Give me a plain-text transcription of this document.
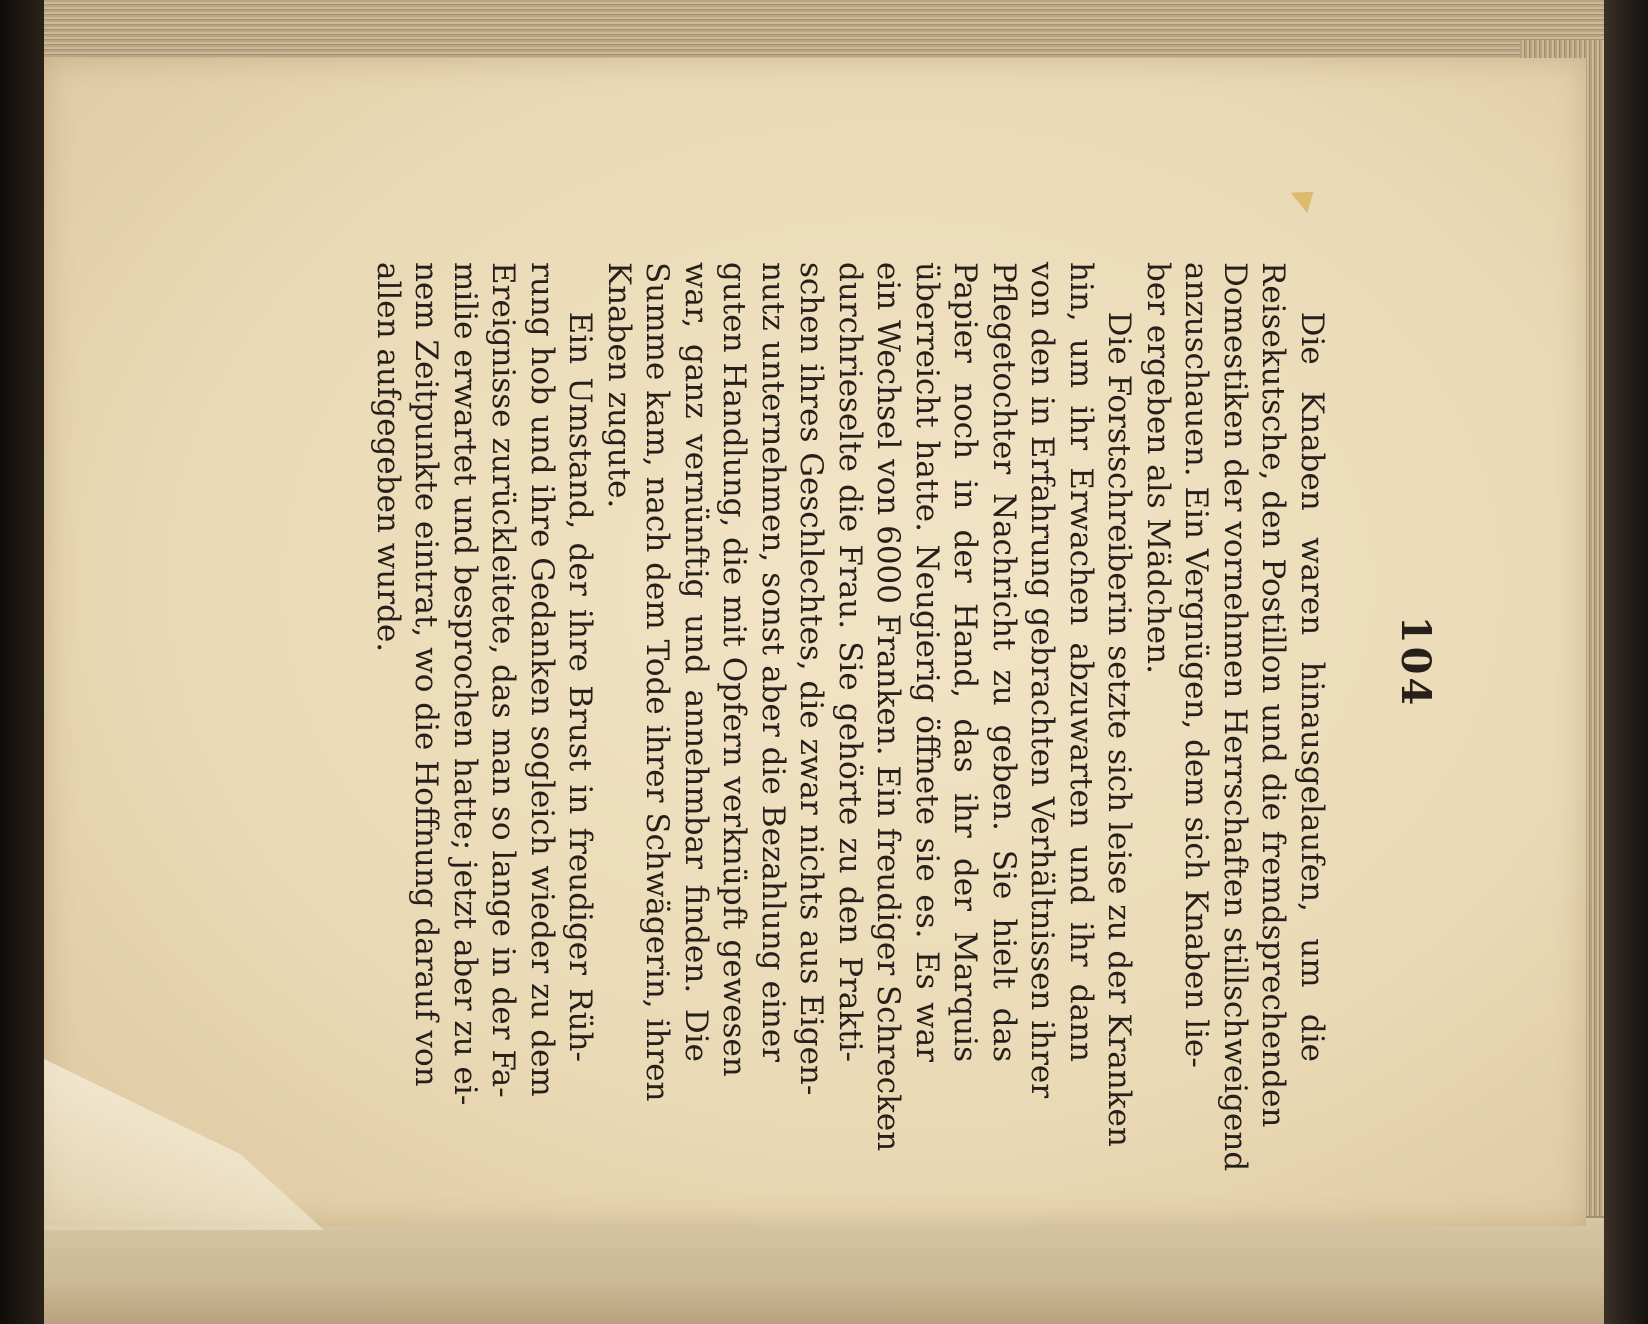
104
Die Knaben waren hinausgelaufen, um die
Reisekutsche, den Postillon und die fremdsprechenden
Domestiken der vornehmen Herrschaften stillschweigend
anzuschauen. Ein Vergnügen, dem sich Knaben lie-
ber ergeben als Mädchen.
Die Forstschreiberin setzte sich leise zu der Kranken
hin, um ihr Erwachen abzuwarten und ihr dann
von den in Erfahrung gebrachten Verhältnissen ihrer
Pflegetochter Nachricht zu geben. Sie hielt das
Papier noch in der Hand, das ihr der Marquis
überreicht hatte. Neugierig öffnete sie es. Es war
ein Wechsel von 6000 Franken. Ein freudiger Schrecken
durchrieselte die Frau. Sie gehörte zu den Prakti-
schen ihres Geschlechtes, die zwar nichts aus Eigen-
nutz unternehmen, sonst aber die Bezahlung einer
guten Handlung, die mit Opfern verknüpft gewesen
war, ganz vernünftig und annehmbar finden. Die
Summe kam, nach dem Tode ihrer Schwägerin, ihren
Knaben zugute.
Ein Umstand, der ihre Brust in freudiger Rüh-
rung hob und ihre Gedanken sogleich wieder zu dem
Ereignisse zurückleitete, das man so lange in der Fa-
milie erwartet und besprochen hatte; jetzt aber zu ei-
nem Zeitpunkte eintrat, wo die Hoffnung darauf von
allen aufgegeben wurde.
